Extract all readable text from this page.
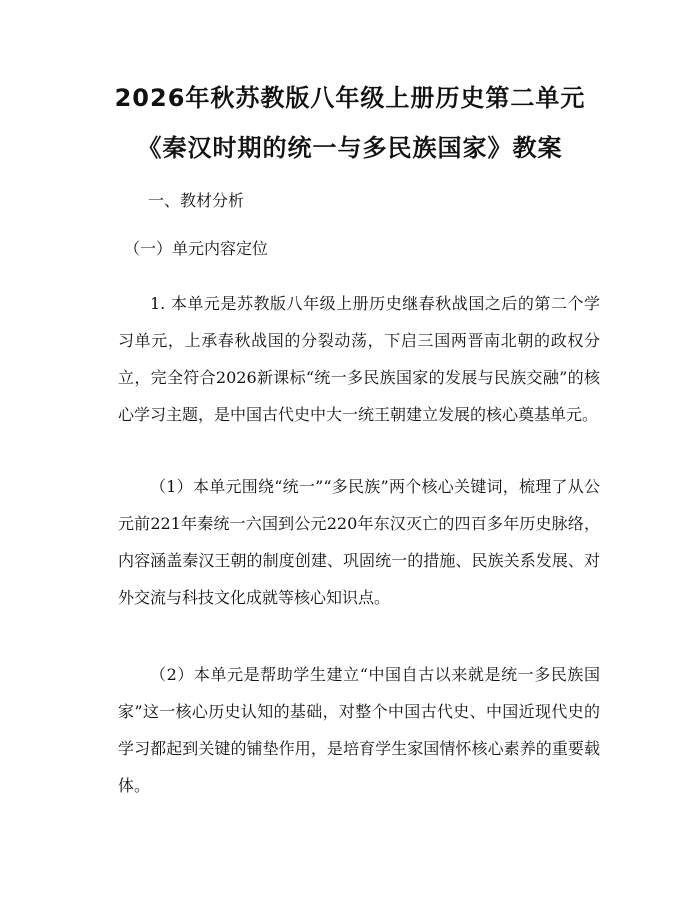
2026年秋苏教版八年级上册历史第二单元
《秦汉时期的统一与多民族国家》教案
一、教材分析
（一）单元内容定位

1. 本单元是苏教版八年级上册历史继春秋战国之后的第二个学习单元，上承春秋战国的分裂动荡，下启三国两晋南北朝的政权分立，完全符合2026新课标“统一多民族国家的发展与民族交融”的核心学习主题，是中国古代史中大一统王朝建立发展的核心奠基单元。

（1）本单元围绕“统一”“多民族”两个核心关键词，梳理了从公元前221年秦统一六国到公元220年东汉灭亡的四百多年历史脉络，内容涵盖秦汉王朝的制度创建、巩固统一的措施、民族关系发展、对外交流与科技文化成就等核心知识点。

（2）本单元是帮助学生建立“中国自古以来就是统一多民族国家”这一核心历史认知的基础，对整个中国古代史、中国近现代史的学习都起到关键的铺垫作用，是培育学生家国情怀核心素养的重要载体。
